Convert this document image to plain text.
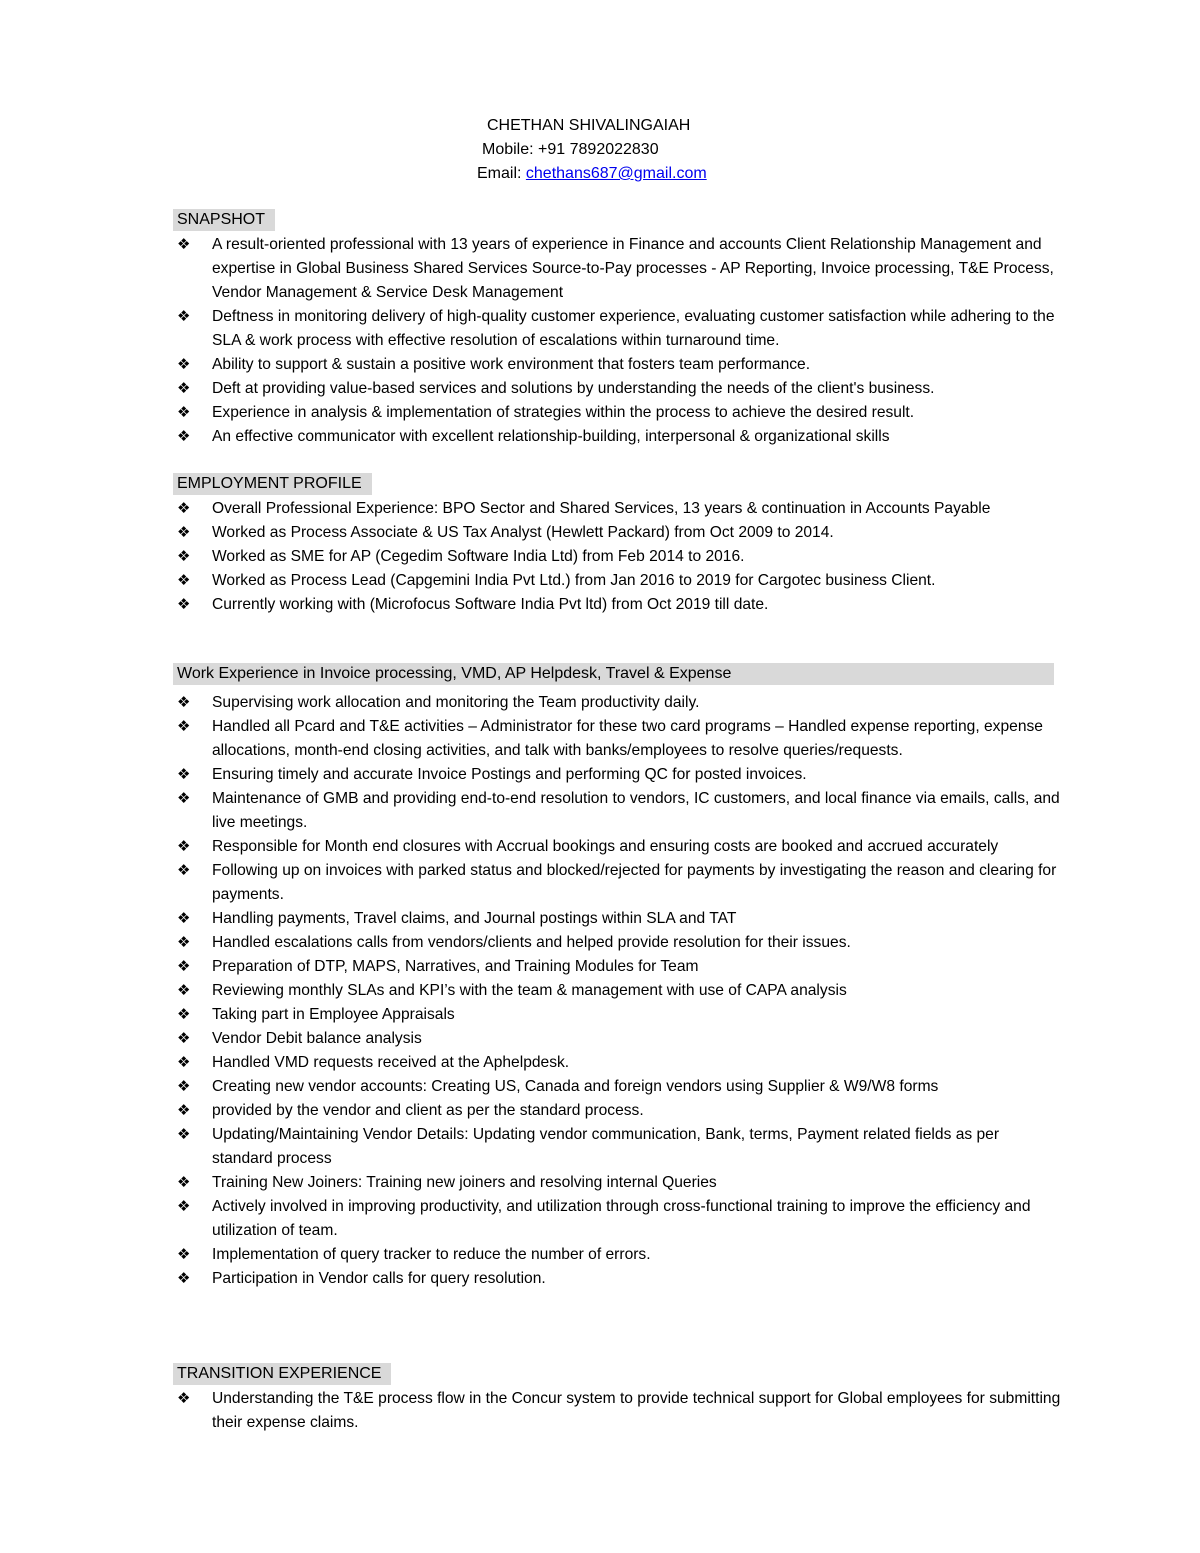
CHETHAN SHIVALINGAIAH
Mobile: +91 7892022830
Email: chethans687@gmail.com
SNAPSHOT
❖	A result-oriented professional with 13 years of experience in Finance and accounts Client Relationship Management and expertise in Global Business Shared Services Source-to-Pay processes - AP Reporting, Invoice processing, T&E Process, Vendor Management & Service Desk Management
❖	Deftness in monitoring delivery of high-quality customer experience, evaluating customer satisfaction while adhering to the SLA & work process with effective resolution of escalations within turnaround time.
❖	Ability to support & sustain a positive work environment that fosters team performance.
❖	Deft at providing value-based services and solutions by understanding the needs of the client's business.
❖	Experience in analysis & implementation of strategies within the process to achieve the desired result.
❖	An effective communicator with excellent relationship-building, interpersonal & organizational skills
EMPLOYMENT PROFILE
❖	Overall Professional Experience: BPO Sector and Shared Services, 13 years & continuation in Accounts Payable
❖	Worked as Process Associate & US Tax Analyst (Hewlett Packard) from Oct 2009 to 2014.
❖	Worked as SME for AP (Cegedim Software India Ltd) from Feb 2014 to 2016.
❖	Worked as Process Lead (Capgemini India Pvt Ltd.) from Jan 2016 to 2019 for Cargotec business Client.
❖	Currently working with (Microfocus Software India Pvt ltd) from Oct 2019 till date.
Work Experience in Invoice processing, VMD, AP Helpdesk, Travel & Expense
❖	Supervising work allocation and monitoring the Team productivity daily.
❖	Handled all Pcard and T&E activities – Administrator for these two card programs – Handled expense reporting, expense allocations, month-end closing activities, and talk with banks/employees to resolve queries/requests.
❖	Ensuring timely and accurate Invoice Postings and performing QC for posted invoices.
❖	Maintenance of GMB and providing end-to-end resolution to vendors, IC customers, and local finance via emails, calls, and live meetings.
❖	Responsible for Month end closures with Accrual bookings and ensuring costs are booked and accrued accurately
❖	Following up on invoices with parked status and blocked/rejected for payments by investigating the reason and clearing for payments.
❖	Handling payments, Travel claims, and Journal postings within SLA and TAT
❖	Handled escalations calls from vendors/clients and helped provide resolution for their issues.
❖	Preparation of DTP, MAPS, Narratives, and Training Modules for Team
❖	Reviewing monthly SLAs and KPI’s with the team & management with use of CAPA analysis
❖	Taking part in Employee Appraisals
❖	Vendor Debit balance analysis
❖	Handled VMD requests received at the Aphelpdesk.
❖	Creating new vendor accounts: Creating US, Canada and foreign vendors using Supplier & W9/W8 forms
❖	provided by the vendor and client as per the standard process.
❖	Updating/Maintaining Vendor Details: Updating vendor communication, Bank, terms, Payment related fields as per standard process
❖	Training New Joiners: Training new joiners and resolving internal Queries
❖	Actively involved in improving productivity, and utilization through cross-functional training to improve the efficiency and utilization of team.
❖	Implementation of query tracker to reduce the number of errors.
❖	Participation in Vendor calls for query resolution.
TRANSITION EXPERIENCE
❖	Understanding the T&E process flow in the Concur system to provide technical support for Global employees for submitting their expense claims.
